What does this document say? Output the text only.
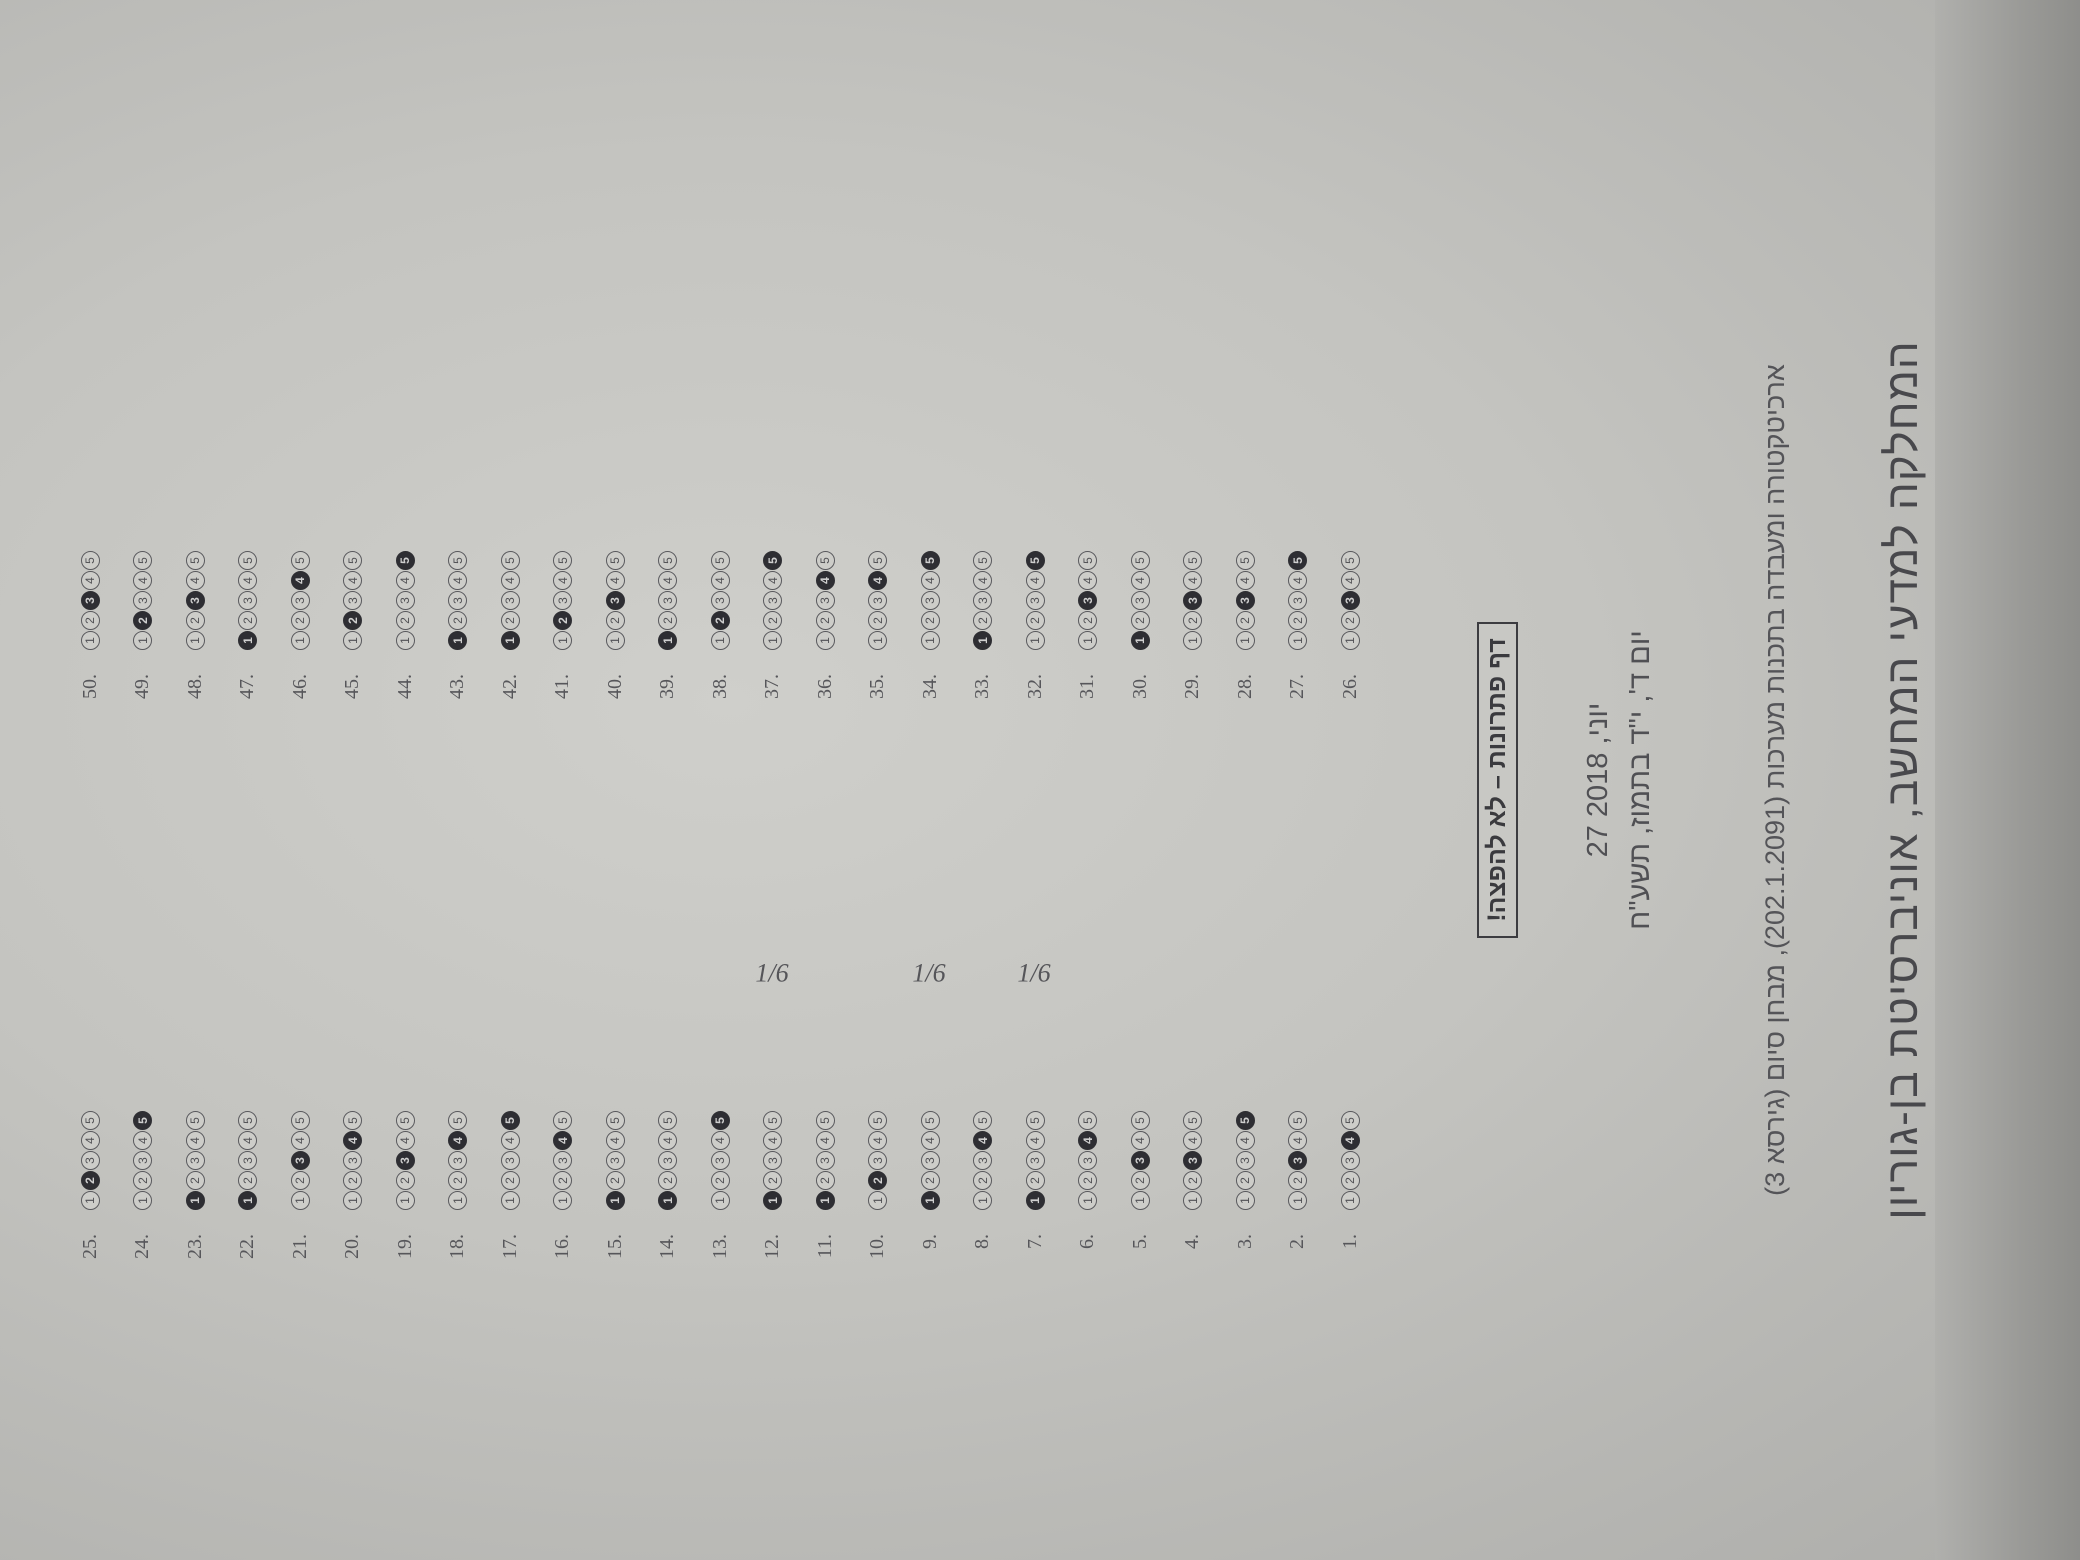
המחלקה למדעי המחשב, אוניברסיטת בן-גוריון
ארכיטקטורה ומעבדה בתכנות מערכות (202.1.2091), מבחן סיום (גירסא 3)
יום ד', י"ד בתמוז, תשע"ח
27 יוני, 2018
דף פתרונות – לא להפצה!
1.
1
2
3
4
5
2.
1
2
3
4
5
3.
1
2
3
4
5
4.
1
2
3
4
5
5.
1
2
3
4
5
6.
1
2
3
4
5
7.
1
2
3
4
5
8.
1
2
3
4
5
9.
1
2
3
4
5
10.
1
2
3
4
5
11.
1
2
3
4
5
12.
1
2
3
4
5
13.
1
2
3
4
5
14.
1
2
3
4
5
15.
1
2
3
4
5
16.
1
2
3
4
5
17.
1
2
3
4
5
18.
1
2
3
4
5
19.
1
2
3
4
5
20.
1
2
3
4
5
21.
1
2
3
4
5
22.
1
2
3
4
5
23.
1
2
3
4
5
24.
1
2
3
4
5
25.
1
2
3
4
5
1/6
1/6
1/6
26.
1
2
3
4
5
27.
1
2
3
4
5
28.
1
2
3
4
5
29.
1
2
3
4
5
30.
1
2
3
4
5
31.
1
2
3
4
5
32.
1
2
3
4
5
33.
1
2
3
4
5
34.
1
2
3
4
5
35.
1
2
3
4
5
36.
1
2
3
4
5
37.
1
2
3
4
5
38.
1
2
3
4
5
39.
1
2
3
4
5
40.
1
2
3
4
5
41.
1
2
3
4
5
42.
1
2
3
4
5
43.
1
2
3
4
5
44.
1
2
3
4
5
45.
1
2
3
4
5
46.
1
2
3
4
5
47.
1
2
3
4
5
48.
1
2
3
4
5
49.
1
2
3
4
5
50.
1
2
3
4
5
